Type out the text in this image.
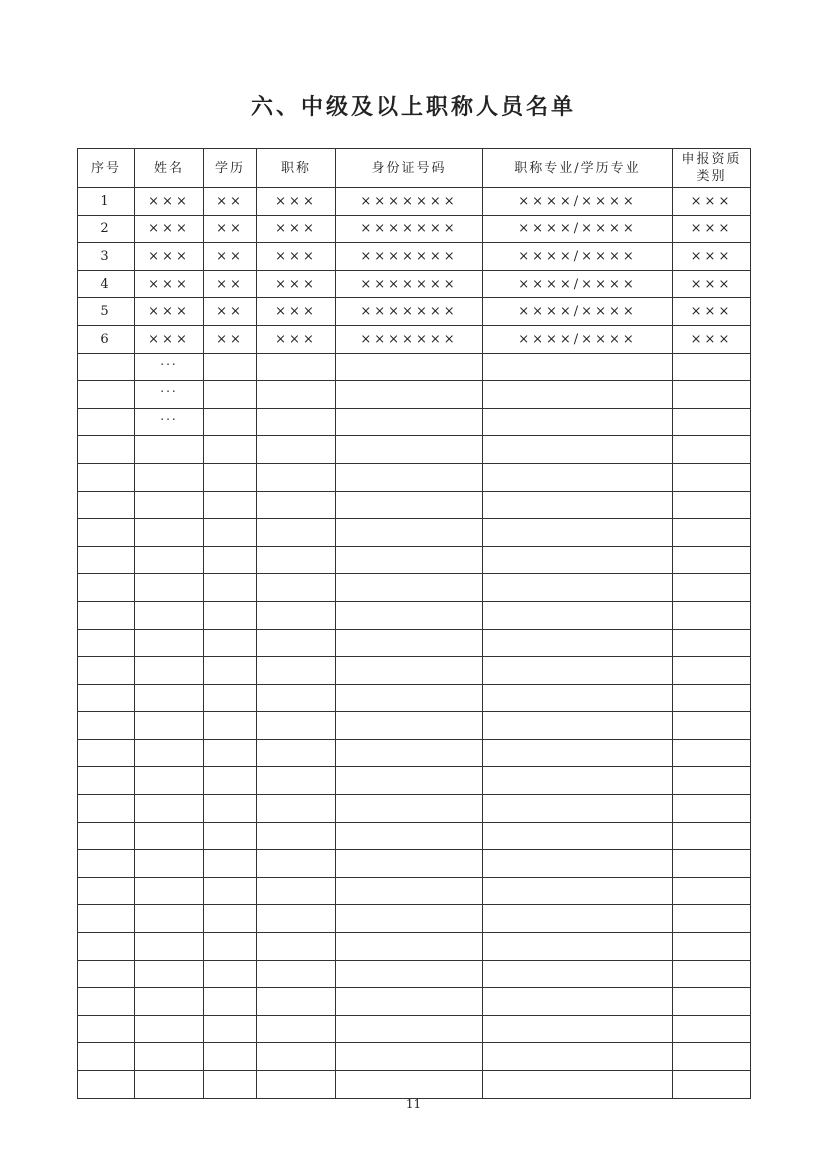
六、中级及以上职称人员名单
序号	姓名	学历	职称	身份证号码	职称专业/学历专业	申报资质类别
1	×××	××	×××	×××××××	××××/××××	×××
2	×××	××	×××	×××××××	××××/××××	×××
3	×××	××	×××	×××××××	××××/××××	×××
4	×××	××	×××	×××××××	××××/××××	×××
5	×××	××	×××	×××××××	××××/××××	×××
6	×××	××	×××	×××××××	××××/××××	×××
	...					
	...					
	...					

11
